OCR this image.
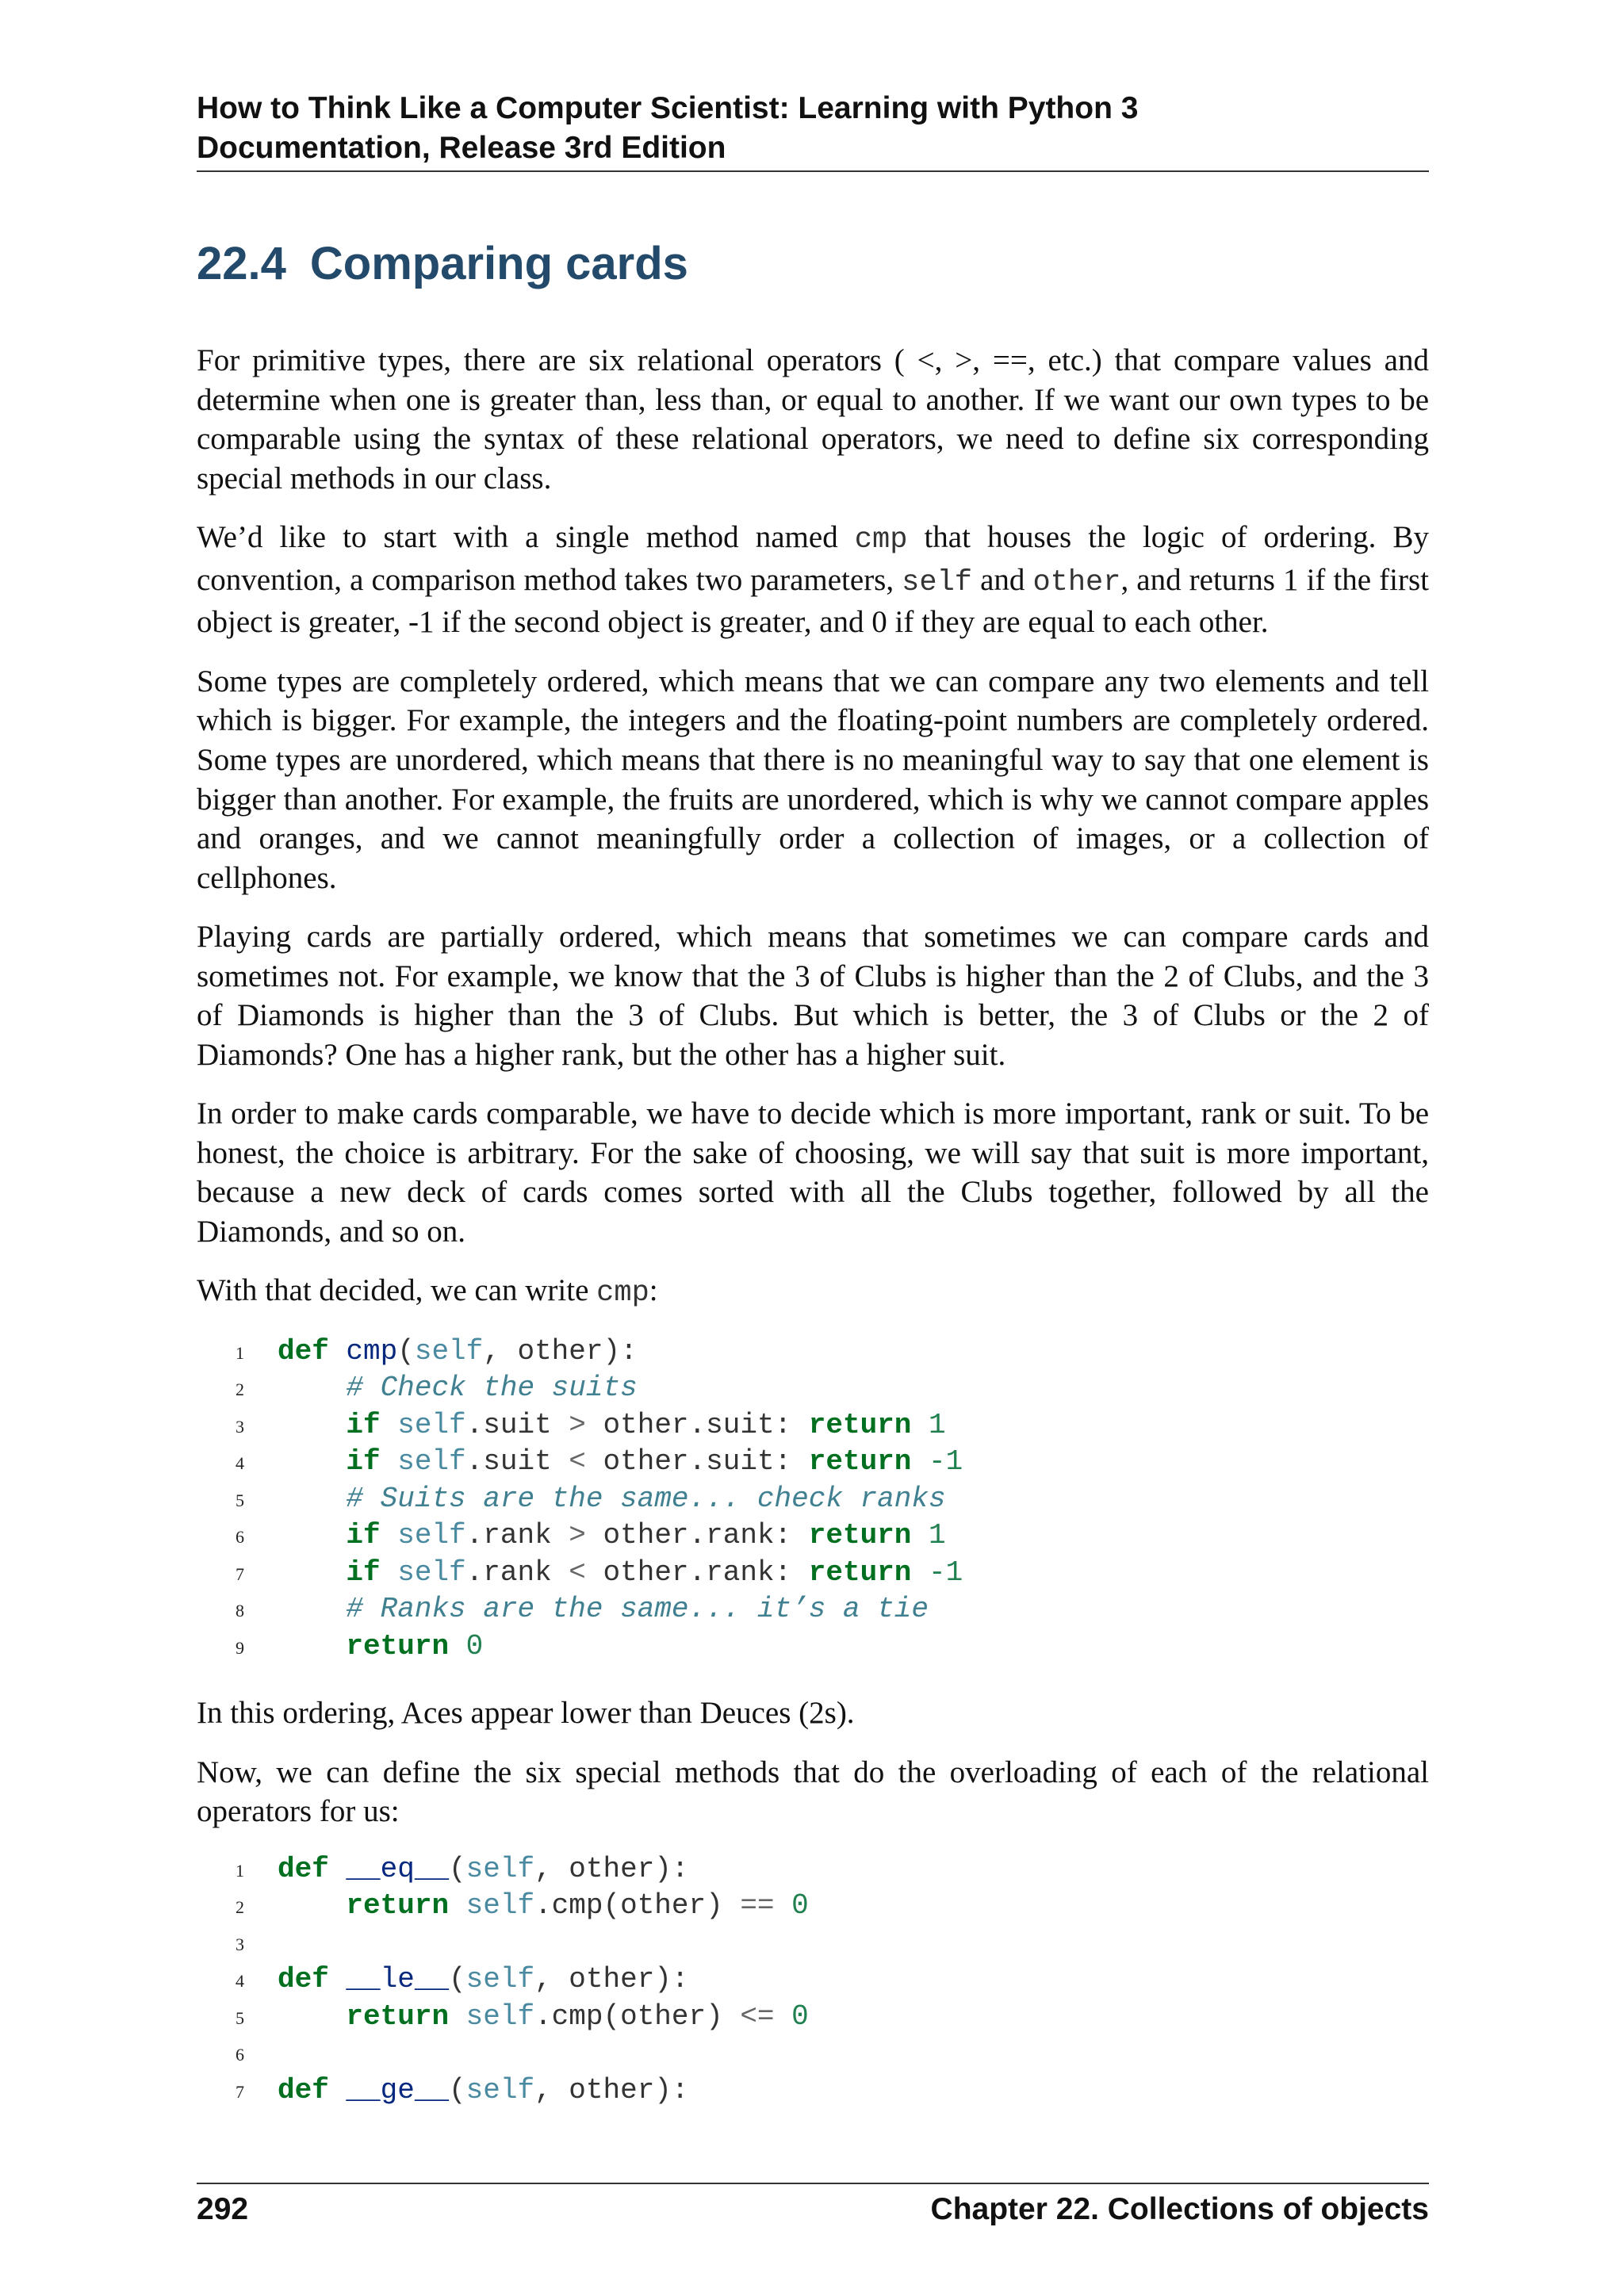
How to Think Like a Computer Scientist: Learning with Python 3
Documentation, Release 3rd Edition
22.4 Comparing cards

For primitive types, there are six relational operators ( <, >, ==, etc.) that compare values and determine when one is greater than, less than, or equal to another. If we want our own types to be comparable using the syntax of these relational operators, we need to define six corresponding special methods in our class.

We’d like to start with a single method named cmp that houses the logic of ordering. By convention, a comparison method takes two parameters, self and other, and returns 1 if the first object is greater, -1 if the second object is greater, and 0 if they are equal to each other.

Some types are completely ordered, which means that we can compare any two elements and tell which is bigger. For example, the integers and the floating-point numbers are completely ordered. Some types are unordered, which means that there is no meaningful way to say that one element is bigger than another. For example, the fruits are unordered, which is why we cannot compare apples and oranges, and we cannot meaningfully order a collection of images, or a collection of cellphones.

Playing cards are partially ordered, which means that sometimes we can compare cards and sometimes not. For example, we know that the 3 of Clubs is higher than the 2 of Clubs, and the 3 of Diamonds is higher than the 3 of Clubs. But which is better, the 3 of Clubs or the 2 of Diamonds? One has a higher rank, but the other has a higher suit.

In order to make cards comparable, we have to decide which is more important, rank or suit. To be honest, the choice is arbitrary. For the sake of choosing, we will say that suit is more important, because a new deck of cards comes sorted with all the Clubs together, followed by all the Diamonds, and so on.

With that decided, we can write cmp:

1 def cmp(self, other):
2	# Check the suits
3	if self.suit > other.suit: return 1
4	if self.suit < other.suit: return -1
5	# Suits are the same... check ranks
6	if self.rank > other.rank: return 1
7	if self.rank < other.rank: return -1
8	# Ranks are the same... it’s a tie
9	return 0

In this ordering, Aces appear lower than Deuces (2s).

Now, we can define the six special methods that do the overloading of each of the relational operators for us:

1 def __eq__(self, other):
2	return self.cmp(other) == 0
3
4 def __le__(self, other):
5	return self.cmp(other) <= 0
6
7 def __ge__(self, other):
292	Chapter 22. Collections of objects
